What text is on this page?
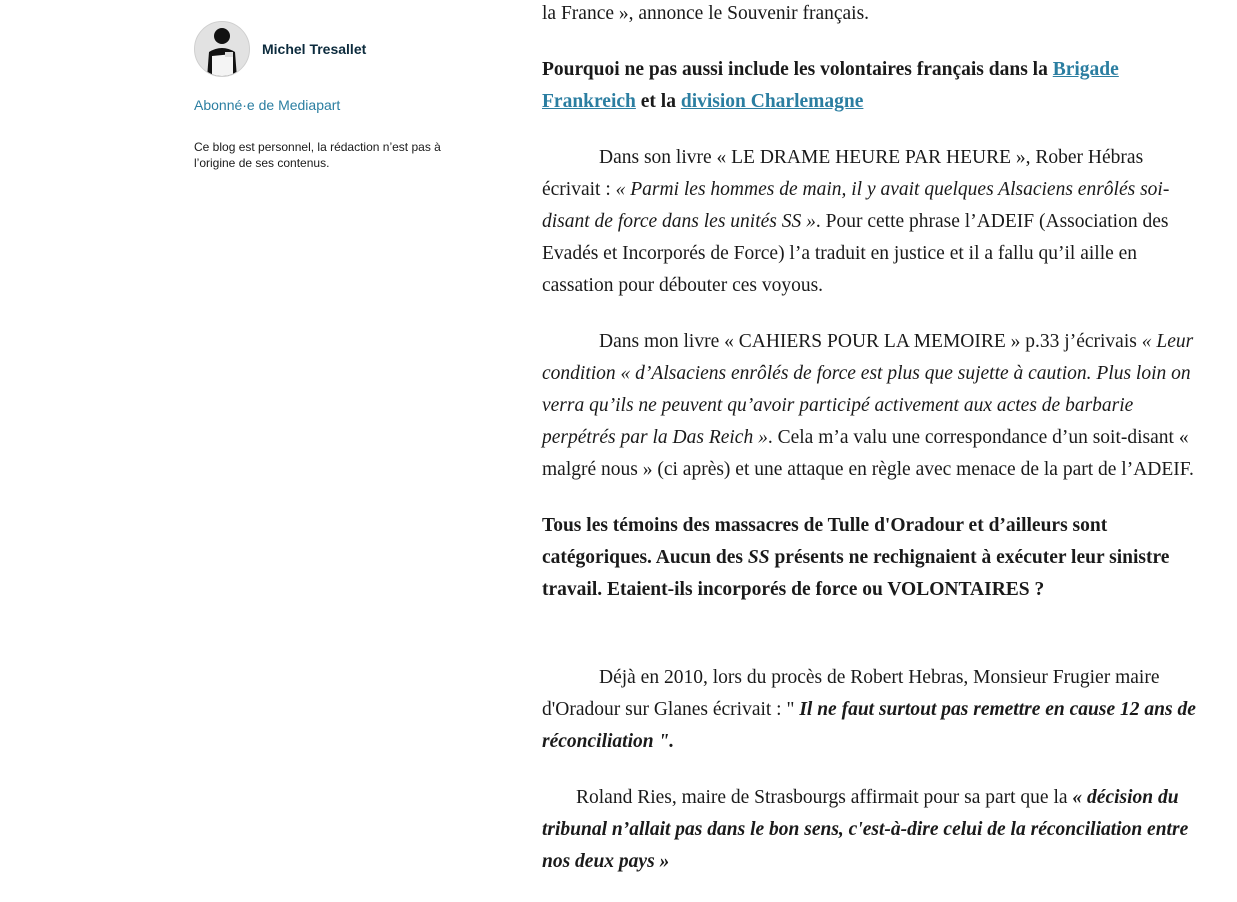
Michel Tresallet
Abonné·e de Mediapart
Ce blog est personnel, la rédaction n’est pas à l’origine de ses contenus.

la France », annonce le Souvenir français.

Pourquoi ne pas aussi include les volontaires français dans la Brigade Frankreich et la division Charlemagne

Dans son livre « LE DRAME HEURE PAR HEURE », Rober Hébras écrivait : « Parmi les hommes de main, il y avait quelques Alsaciens enrôlés soi-disant de force dans les unités SS ». Pour cette phrase l’ADEIF (Association des Evadés et Incorporés de Force) l’a traduit en justice et il a fallu qu’il aille en cassation pour débouter ces voyous.

Dans mon livre « CAHIERS POUR LA MEMOIRE » p.33 j’écrivais « Leur condition « d’Alsaciens enrôlés de force est plus que sujette à caution. Plus loin on verra qu’ils ne peuvent qu’avoir participé activement aux actes de barbarie perpétrés par la Das Reich ». Cela m’a valu une correspondance d’un soit-disant « malgré nous » (ci après) et une attaque en règle avec menace de la part de l’ADEIF.

Tous les témoins des massacres de Tulle d'Oradour et d’ailleurs sont catégoriques. Aucun des SS présents ne rechignaient à exécuter leur sinistre travail. Etaient-ils incorporés de force ou VOLONTAIRES ?

Déjà en 2010, lors du procès de Robert Hebras, Monsieur Frugier maire d'Oradour sur Glanes écrivait : " Il ne faut surtout pas remettre en cause 12 ans de réconciliation ".

Roland Ries, maire de Strasbourgs affirmait pour sa part que la « décision du tribunal n’allait pas dans le bon sens, c'est-à-dire celui de la réconciliation entre nos deux pays »
